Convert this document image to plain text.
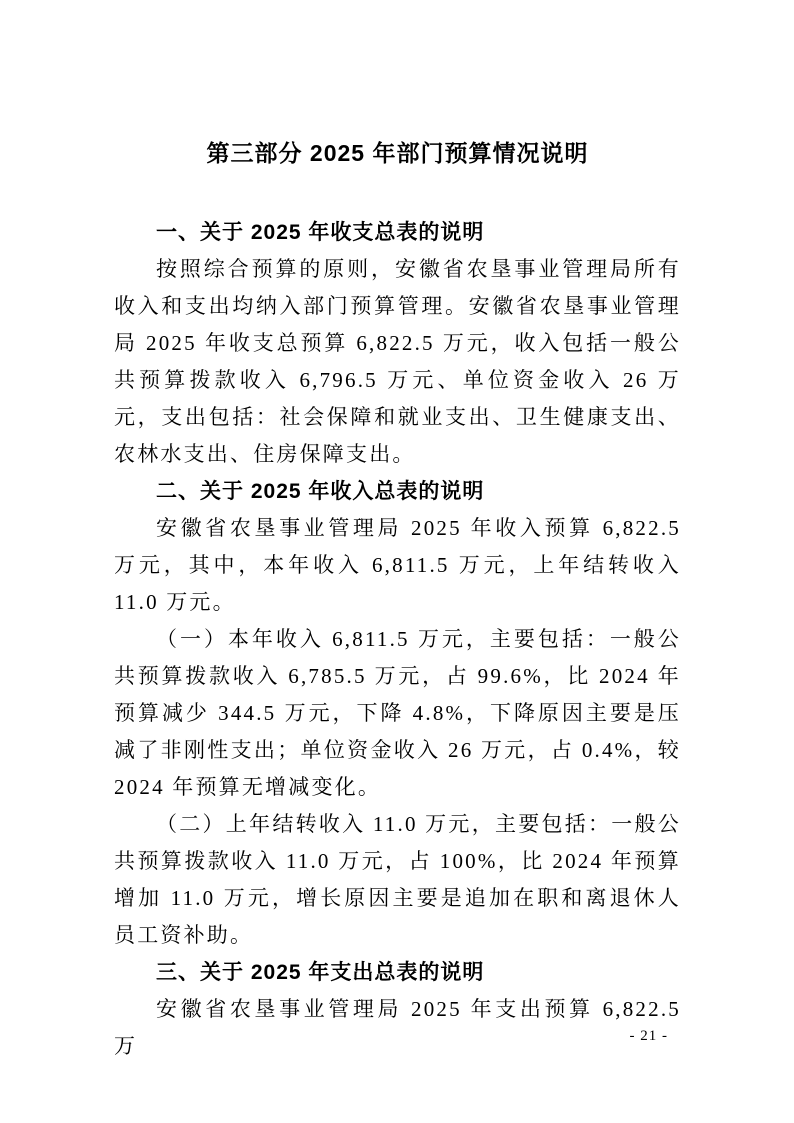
第三部分 2025 年部门预算情况说明
一、关于 2025 年收支总表的说明

按照综合预算的原则，安徽省农垦事业管理局所有收入和支出均纳入部门预算管理。安徽省农垦事业管理局 2025 年收支总预算 6,822.5 万元，收入包括一般公共预算拨款收入 6,796.5 万元、单位资金收入 26 万元，支出包括：社会保障和就业支出、卫生健康支出、农林水支出、住房保障支出。

二、关于 2025 年收入总表的说明

安徽省农垦事业管理局 2025 年收入预算 6,822.5 万元，其中，本年收入 6,811.5 万元，上年结转收入 11.0 万元。

（一）本年收入 6,811.5 万元，主要包括：一般公共预算拨款收入 6,785.5 万元，占 99.6%，比 2024 年预算减少 344.5 万元，下降 4.8%，下降原因主要是压减了非刚性支出；单位资金收入 26 万元，占 0.4%，较 2024 年预算无增减变化。

（二）上年结转收入 11.0 万元，主要包括：一般公共预算拨款收入 11.0 万元，占 100%，比 2024 年预算增加 11.0 万元，增长原因主要是追加在职和离退休人员工资补助。

三、关于 2025 年支出总表的说明

安徽省农垦事业管理局 2025 年支出预算 6,822.5 万	- 21 -
